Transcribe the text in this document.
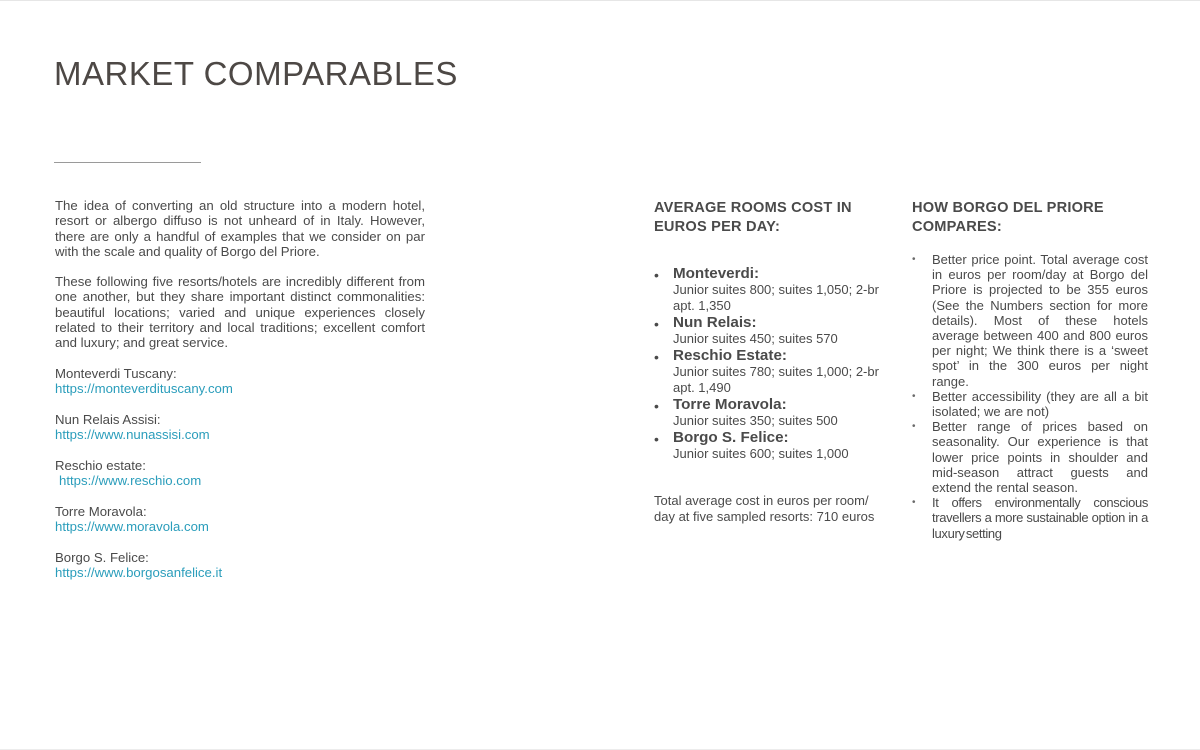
MARKET COMPARABLES

The idea of converting an old structure into a modern hotel, resort or albergo diffuso is not unheard of in Italy. However, there are only a handful of examples that we consider on par with the scale and quality of Borgo del Priore.

These following five resorts/hotels are incredibly different from one another, but they share important distinct commonalities: beautiful locations; varied and unique experiences closely related to their territory and local traditions; excellent comfort and luxury; and great service.

Monteverdi Tuscany:
https://monteverdituscany.com
Nun Relais Assisi:
https://www.nunassisi.com
Reschio estate:
https://www.reschio.com
Torre Moravola:
https://www.moravola.com
Borgo S. Felice:
https://www.borgosanfelice.it
AVERAGE ROOMS COST IN EUROS PER DAY:
• Monteverdi:
Junior suites 800; suites 1,050; 2-br apt. 1,350
• Nun Relais:
Junior suites 450; suites 570
• Reschio Estate:
Junior suites 780; suites 1,000; 2-br apt. 1,490
• Torre Moravola:
Junior suites 350; suites 500
• Borgo S. Felice:
Junior suites 600; suites 1,000

Total average cost in euros per room/ day at five sampled resorts: 710 euros

HOW BORGO DEL PRIORE COMPARES:
• Better price point. Total average cost in euros per room/day at Borgo del Priore is projected to be 355 euros (See the Numbers section for more details). Most of these hotels average between 400 and 800 euros per night; We think there is a ‘sweet spot’ in the 300 euros per night range.
• Better accessibility (they are all a bit isolated; we are not)
• Better range of prices based on seasonality. Our experience is that lower price points in shoulder and mid-season attract guests and extend the rental season.
• It offers environmentally conscious travellers a more sustainable option in a luxury setting
